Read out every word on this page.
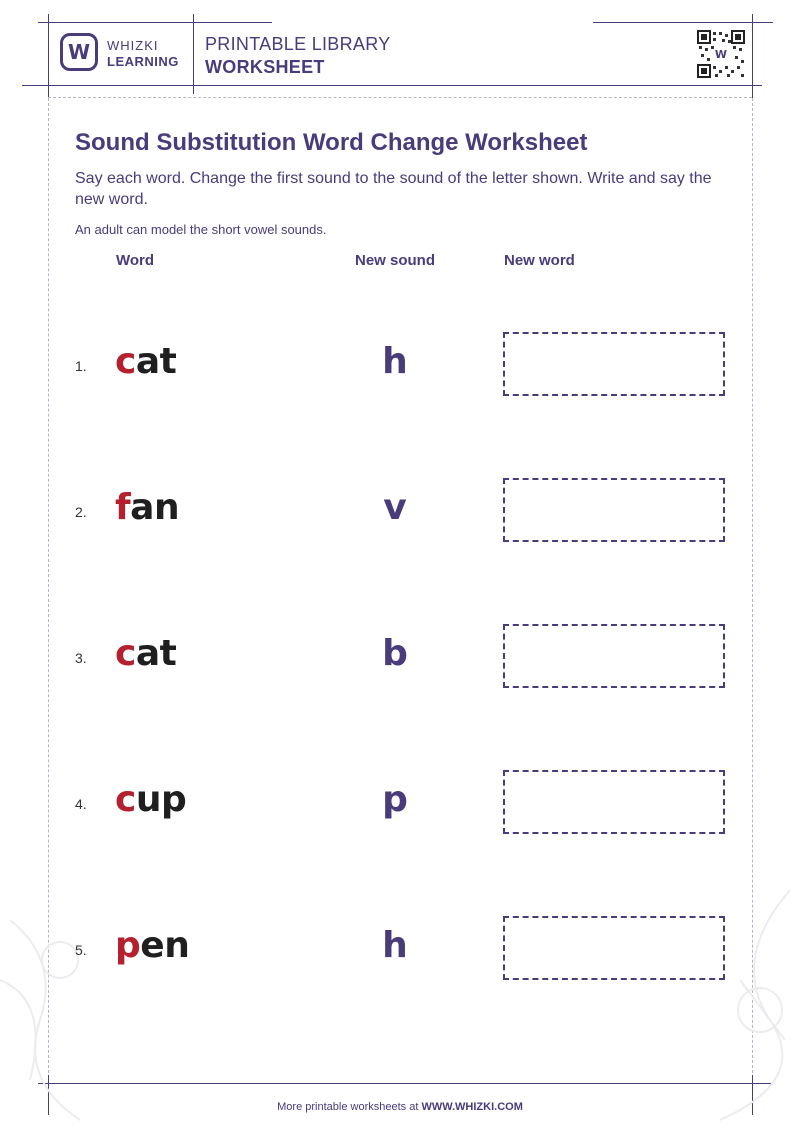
W	WHIZKI
LEARNING
PRINTABLE LIBRARY
WORKSHEET
W
Sound Substitution Word Change Worksheet
Say each word. Change the first sound to the sound of the letter shown. Write and say the new word.
An adult can model the short vowel sounds.
Word	New sound	New word
1. cat	h
2. fan	v
3. cat	b
4. cup	p
5. pen	h
More printable worksheets at WWW.WHIZKI.COM
